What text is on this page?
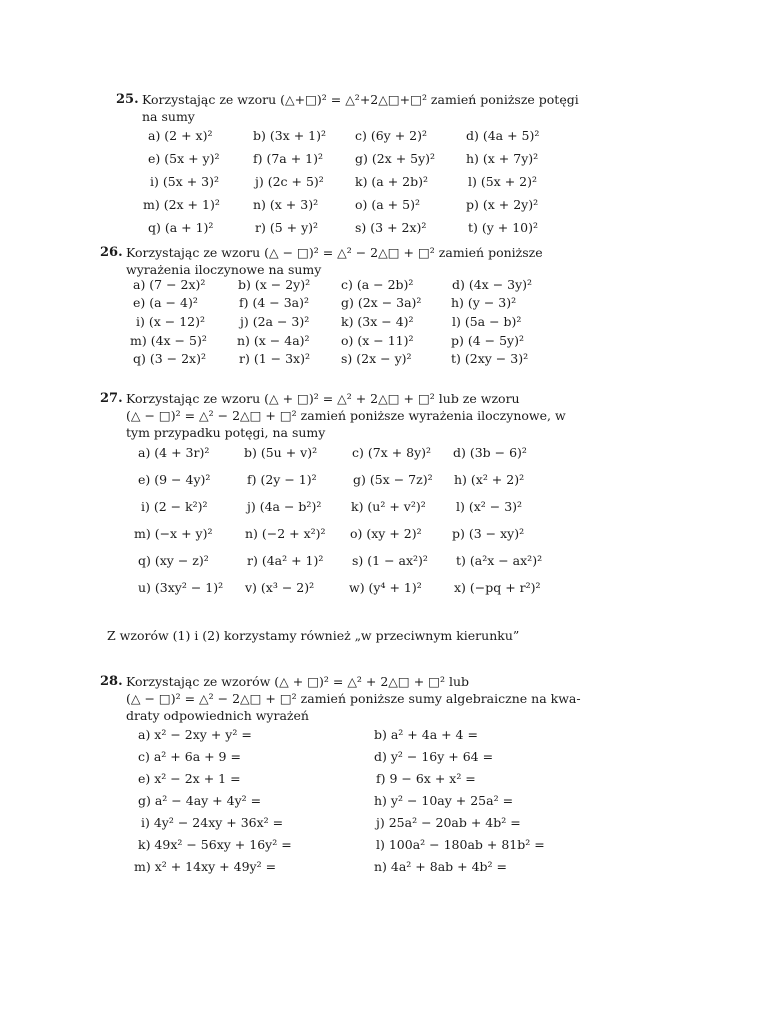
25. Korzystając ze wzoru (△+□)² = △²+2△□+□² zamień poniższe potęgi
na sumy
a) (2 + x)²	b) (3x + 1)² c) (6y + 2)²	d) (4a + 5)²
e) (5x + y)²	f) (7a + 1)²	g) (2x + 5y)² h) (x + 7y)²
i) (5x + 3)²	j) (2c + 5)² k) (a + 2b)²	l) (5x + 2)²
m) (2x + 1)²	n) (x + 3)²	o) (a + 5)²	p) (x + 2y)²
q) (a + 1)²	r) (5 + y)²	s) (3 + 2x)²	t) (y + 10)²
26. Korzystając ze wzoru (△ − □)² = △² − 2△□ + □² zamień poniższe
wyrażenia iloczynowe na sumy
a) (7 − 2x)²	b) (x − 2y)² c) (a − 2b)²	d) (4x − 3y)²
e) (a − 4)²	f) (4 − 3a)²	g) (2x − 3a)² h) (y − 3)²
i) (x − 12)²	j) (2a − 3)²	k) (3x − 4)²	l) (5a − b)²
m) (4x − 5)² n) (x − 4a)²	o) (x − 11)²	p) (4 − 5y)²
q) (3 − 2x)²	r) (1 − 3x)² s) (2x − y)²	t) (2xy − 3)²
27. Korzystając ze wzoru (△ + □)² = △² + 2△□ + □² lub ze wzoru
(△ − □)² = △² − 2△□ + □² zamień poniższe wyrażenia iloczynowe, w
tym przypadku potęgi, na sumy
a) (4 + 3r)²	b) (5u + v)²	c) (7x + 8y)² d) (3b − 6)²
e) (9 − 4y)²	f) (2y − 1)²	g) (5x − 7z)² h) (x² + 2)²
i) (2 − k²)²	j) (4a − b²)² k) (u² + v²)² l) (x² − 3)²
m) (−x + y)²	n) (−2 + x²)² o) (xy + 2)² p) (3 − xy)²
q) (xy − z)²	r) (4a² + 1)² s) (1 − ax²)² t) (a²x − ax²)²
u) (3xy² − 1)² v) (x³ − 2)²	w) (y⁴ + 1)²	x) (−pq + r²)²
Z wzorów (1) i (2) korzystamy również „w przeciwnym kierunku”
28. Korzystając ze wzorów (△ + □)² = △² + 2△□ + □² lub
(△ − □)² = △² − 2△□ + □² zamień poniższe sumy algebraiczne na kwa-
draty odpowiednich wyrażeń
a) x² − 2xy + y² =	b) a² + 4a + 4 =
c) a² + 6a + 9 =	d) y² − 16y + 64 =
e) x² − 2x + 1 =	f) 9 − 6x + x² =
g) a² − 4ay + 4y² =	h) y² − 10ay + 25a² =
i) 4y² − 24xy + 36x² =	j) 25a² − 20ab + 4b² =
k) 49x² − 56xy + 16y² =	l) 100a² − 180ab + 81b² =
m) x² + 14xy + 49y² =	n) 4a² + 8ab + 4b² =
